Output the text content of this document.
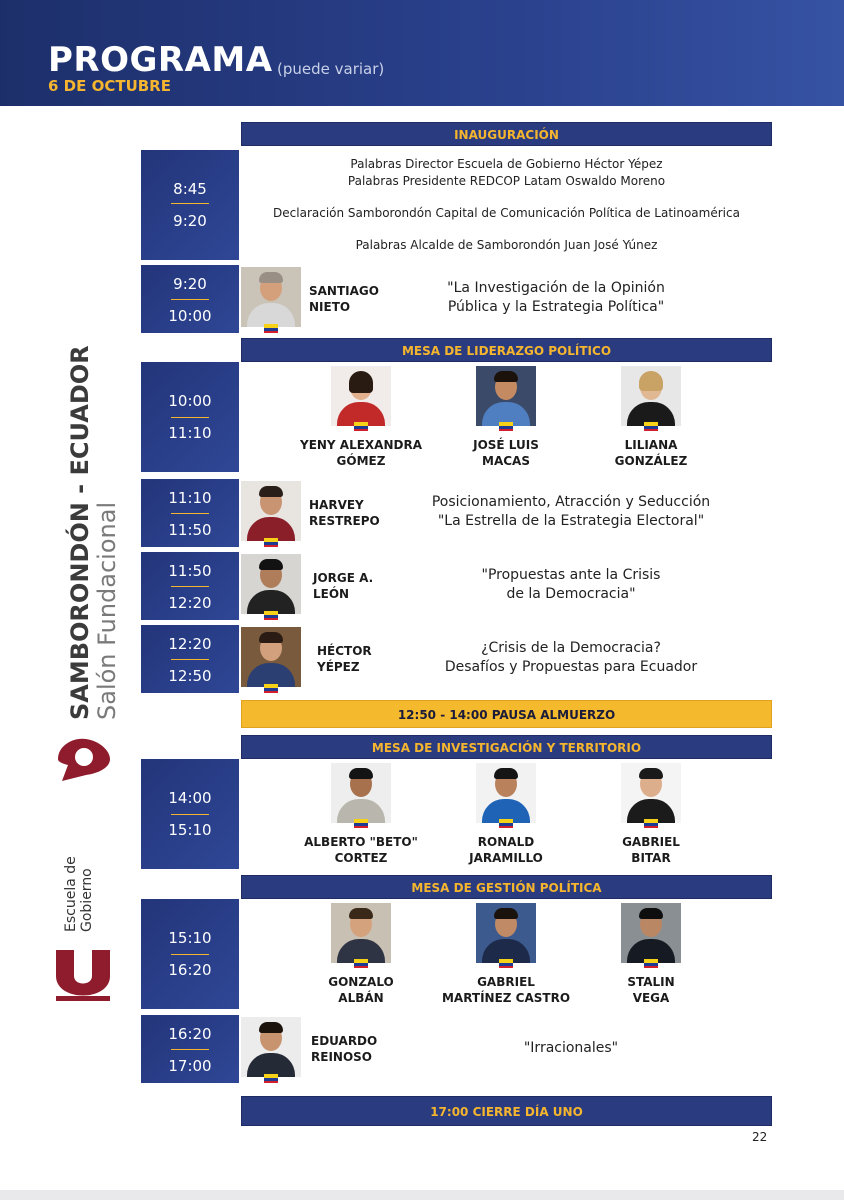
PROGRAMA (puede variar)
6 DE OCTUBRE
SAMBORONDÓN - ECUADOR Salón Fundacional
Escuela de Gobierno
INAUGURACIÓN
8:45
9:20
Palabras Director Escuela de Gobierno Héctor Yépez
Palabras Presidente REDCOP Latam Oswaldo Moreno
Declaración Samborondón Capital de Comunicación Política de Latinoamérica
Palabras Alcalde de Samborondón Juan José Yúnez
9:20
10:00
SANTIAGO
NIETO
"La Investigación de la Opinión
Pública y la Estrategia Política"
MESA DE LIDERAZGO POLÍTICO
10:00
11:10
YENY ALEXANDRA
GÓMEZ
JOSÉ LUIS
MACAS
LILIANA
GONZÁLEZ
11:10
11:50
HARVEY
RESTREPO
Posicionamiento, Atracción y Seducción
"La Estrella de la Estrategia Electoral"
11:50
12:20
JORGE A.
LEÓN
"Propuestas ante la Crisis
de la Democracia"
12:20
12:50
HÉCTOR
YÉPEZ
¿Crisis de la Democracia?
Desafíos y Propuestas para Ecuador
12:50 - 14:00 PAUSA ALMUERZO
MESA DE INVESTIGACIÓN Y TERRITORIO
14:00
15:10
ALBERTO "BETO"
CORTEZ
RONALD
JARAMILLO
GABRIEL
BITAR
MESA DE GESTIÓN POLÍTICA
15:10
16:20
GONZALO
ALBÁN
GABRIEL
MARTÍNEZ CASTRO
STALIN
VEGA
16:20
17:00
EDUARDO
REINOSO
"Irracionales"
17:00 CIERRE DÍA UNO
22
